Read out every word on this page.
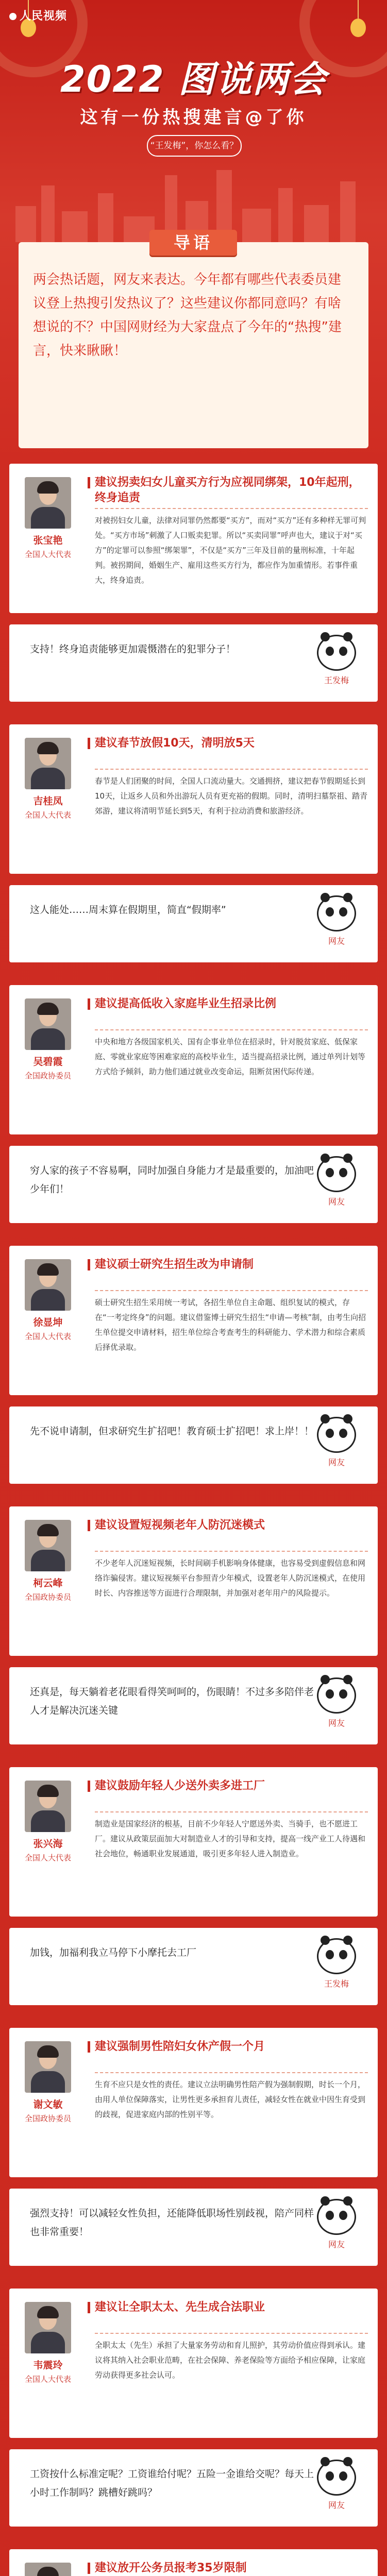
人民视频
2022 图说两会
这有一份热搜建言@了你
“王发梅”，你怎么看？
导语
两会热话题，网友来表达。今年都有哪些代表委员建议登上热搜引发热议了？这些建议你都同意吗？有啥想说的不？中国网财经为大家盘点了今年的“热搜”建言，快来瞅瞅！
张宝艳
全国人大代表
建议拐卖妇女儿童买方行为应视同绑架，10年起刑，终身追责
对被拐妇女儿童，法律对同罪仍然都要“买方”，而对“买方”还有多种样无罪可判处。“买方市场”刺激了人口贩卖犯罪。所以“买卖同罪”呼声也大，建议于对“买方”的定罪可以参照“绑架罪”，不仅是“买方”三年及目前的量刑标准，十年起判。被拐期间，婚姻生产、雇用这些买方行为，都应作为加重情形。若事件重大，终身追责。
支持！终身追责能够更加震慑潜在的犯罪分子！
王发梅
吉桂凤
全国人大代表
建议春节放假10天，清明放5天
春节是人们团聚的时间，全国人口流动量大。交通拥挤，建议把春节假期延长到10天，让返乡人员和外出游玩人员有更充裕的假期。同时，清明扫墓祭祖、踏青郊游，建议将清明节延长到5天，有利于拉动消费和旅游经济。
这人能处……周末算在假期里，简直“假期率”
网友
吴碧霞
全国政协委员
建议提高低收入家庭毕业生招录比例
中央和地方各级国家机关、国有企事业单位在招录时，针对脱贫家庭、低保家庭、零就业家庭等困难家庭的高校毕业生，适当提高招录比例，通过单列计划等方式给予倾斜，助力他们通过就业改变命运，阻断贫困代际传递。
穷人家的孩子不容易啊，同时加强自身能力才是最重要的，加油吧少年们！
网友
徐显坤
全国人大代表
建议硕士研究生招生改为申请制
硕士研究生招生采用统一考试，各招生单位自主命题、组织复试的模式，存在“一考定终身”的问题。建议借鉴博士研究生招生“申请—考核”制，由考生向招生单位提交申请材料，招生单位综合考查考生的科研能力、学术潜力和综合素质后择优录取。
先不说申请制，但求研究生扩招吧！教育硕士扩招吧！求上岸！！
网友
柯云峰
全国政协委员
建议设置短视频老年人防沉迷模式
不少老年人沉迷短视频，长时间刷手机影响身体健康，也容易受到虚假信息和网络诈骗侵害。建议短视频平台参照青少年模式，设置老年人防沉迷模式，在使用时长、内容推送等方面进行合理限制，并加强对老年用户的风险提示。
还真是，每天躺着老花眼看得笑呵呵的，伤眼睛！不过多多陪伴老人才是解决沉迷关键
网友
张兴海
全国人大代表
建议鼓励年轻人少送外卖多进工厂
制造业是国家经济的根基，目前不少年轻人宁愿送外卖、当骑手，也不愿进工厂。建议从政策层面加大对制造业人才的引导和支持，提高一线产业工人待遇和社会地位，畅通职业发展通道，吸引更多年轻人进入制造业。
加钱，加福利我立马停下小摩托去工厂
王发梅
谢文敏
全国政协委员
建议强制男性陪妇女休产假一个月
生育不应只是女性的责任。建议立法明确男性陪产假为强制假期，时长一个月，由用人单位保障落实，让男性更多承担育儿责任，减轻女性在就业中因生育受到的歧视，促进家庭内部的性别平等。
强烈支持！可以减轻女性负担，还能降低职场性别歧视，陪产同样也非常重要！
网友
韦震玲
全国人大代表
建议让全职太太、先生成合法职业
全职太太（先生）承担了大量家务劳动和育儿照护，其劳动价值应得到承认。建议将其纳入社会职业范畴，在社会保障、养老保险等方面给予相应保障，让家庭劳动获得更多社会认可。
工资按什么标准定呢？工资谁给付呢？五险一金谁给交呢？每天上小时工作制吗？跳槽好跳吗？
网友
建议放开公务员报考35岁限制
